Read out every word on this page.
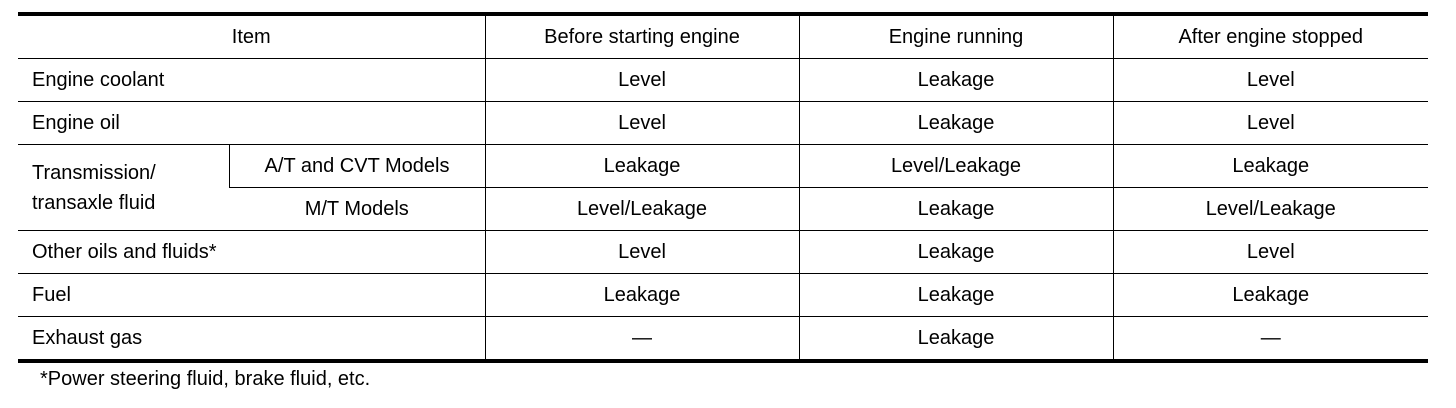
Item		Before starting engine	Engine running	After engine stopped
Engine coolant		Level	Leakage	Level
Engine oil		Level	Leakage	Level

Transmission/
transaxle fluid	A/T and CVT Models	Leakage	Level/Leakage	Leakage
	M/T Models	Level/Leakage	Leakage	Level/Leakage
Other oils and fluids*		Level	Leakage	Level
Fuel		Leakage	Leakage	Leakage
Exhaust gas		—	Leakage	—
*Power steering fluid, brake fluid, etc.
